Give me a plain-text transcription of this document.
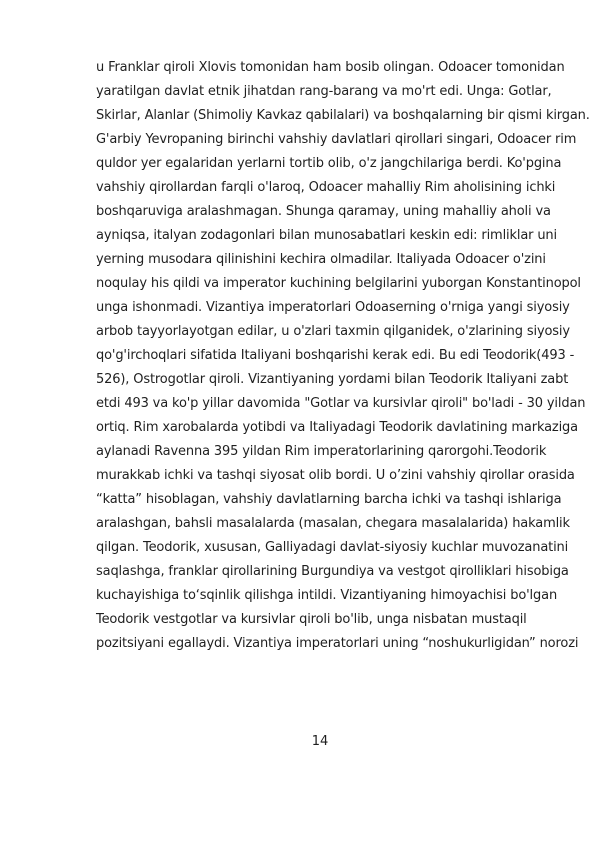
u Franklar qiroli Xlovis tomonidan ham bosib olingan. Odoacer tomonidan
yaratilgan davlat etnik jihatdan rang-barang va mo'rt edi. Unga: Gotlar,
Skirlar, Alanlar (Shimoliy Kavkaz qabilalari) va boshqalarning bir qismi kirgan.
G'arbiy Yevropaning birinchi vahshiy davlatlari qirollari singari, Odoacer rim
quldor yer egalaridan yerlarni tortib olib, o'z jangchilariga berdi. Ko'pgina
vahshiy qirollardan farqli o'laroq, Odoacer mahalliy Rim aholisining ichki
boshqaruviga aralashmagan. Shunga qaramay, uning mahalliy aholi va
ayniqsa, italyan zodagonlari bilan munosabatlari keskin edi: rimliklar uni
yerning musodara qilinishini kechira olmadilar. Italiyada Odoacer o'zini
noqulay his qildi va imperator kuchining belgilarini yuborgan Konstantinopol
unga ishonmadi. Vizantiya imperatorlari Odoaserning o'rniga yangi siyosiy
arbob tayyorlayotgan edilar, u o'zlari taxmin qilganidek, o'zlarining siyosiy
qo'g'irchoqlari sifatida Italiyani boshqarishi kerak edi. Bu edi Teodorik(493 -
526), Ostrogotlar qiroli. Vizantiyaning yordami bilan Teodorik Italiyani zabt
etdi 493 va ko'p yillar davomida "Gotlar va kursivlar qiroli" bo'ladi - 30 yildan
ortiq. Rim xarobalarda yotibdi va Italiyadagi Teodorik davlatining markaziga
aylanadi Ravenna 395 yildan Rim imperatorlarining qarorgohi.Teodorik
murakkab ichki va tashqi siyosat olib bordi. U o’zini vahshiy qirollar orasida
“katta” hisoblagan, vahshiy davlatlarning barcha ichki va tashqi ishlariga
aralashgan, bahsli masalalarda (masalan, chegara masalalarida) hakamlik
qilgan. Teodorik, xususan, Galliyadagi davlat-siyosiy kuchlar muvozanatini
saqlashga, franklar qirollarining Burgundiya va vestgot qirolliklari hisobiga
kuchayishiga to‘sqinlik qilishga intildi. Vizantiyaning himoyachisi bo'lgan
Teodorik vestgotlar va kursivlar qiroli bo'lib, unga nisbatan mustaqil
pozitsiyani egallaydi. Vizantiya imperatorlari uning “noshukurligidan” norozi
14
